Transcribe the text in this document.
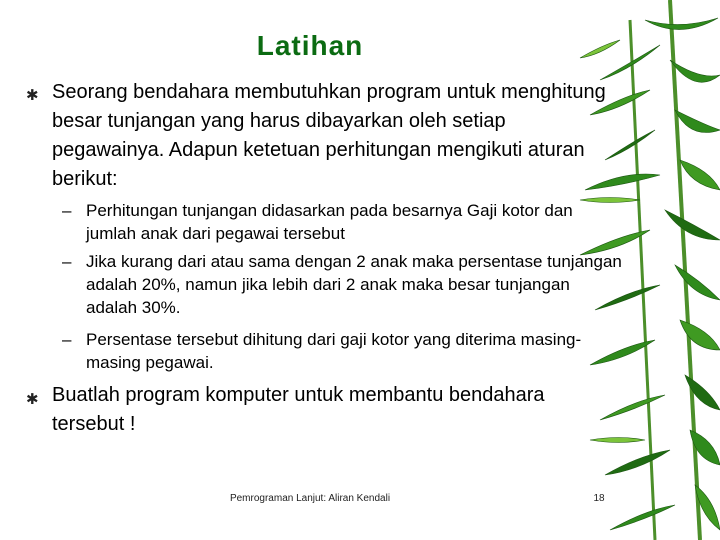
Latihan
✱ Seorang bendahara membutuhkan program untuk menghitung besar tunjangan yang harus dibayarkan oleh setiap pegawainya. Adapun ketetuan perhitungan mengikuti aturan berikut:
– Perhitungan tunjangan didasarkan pada besarnya Gaji kotor dan jumlah anak dari pegawai tersebut
– Jika kurang dari atau sama dengan 2 anak maka persentase tunjangan adalah 20%, namun jika lebih dari 2 anak maka besar tunjangan adalah 30%.
– Persentase tersebut dihitung dari gaji kotor yang diterima masing-masing pegawai.
✱ Buatlah program komputer untuk membantu bendahara tersebut !
Pemrograman Lanjut: Aliran Kendali	18
